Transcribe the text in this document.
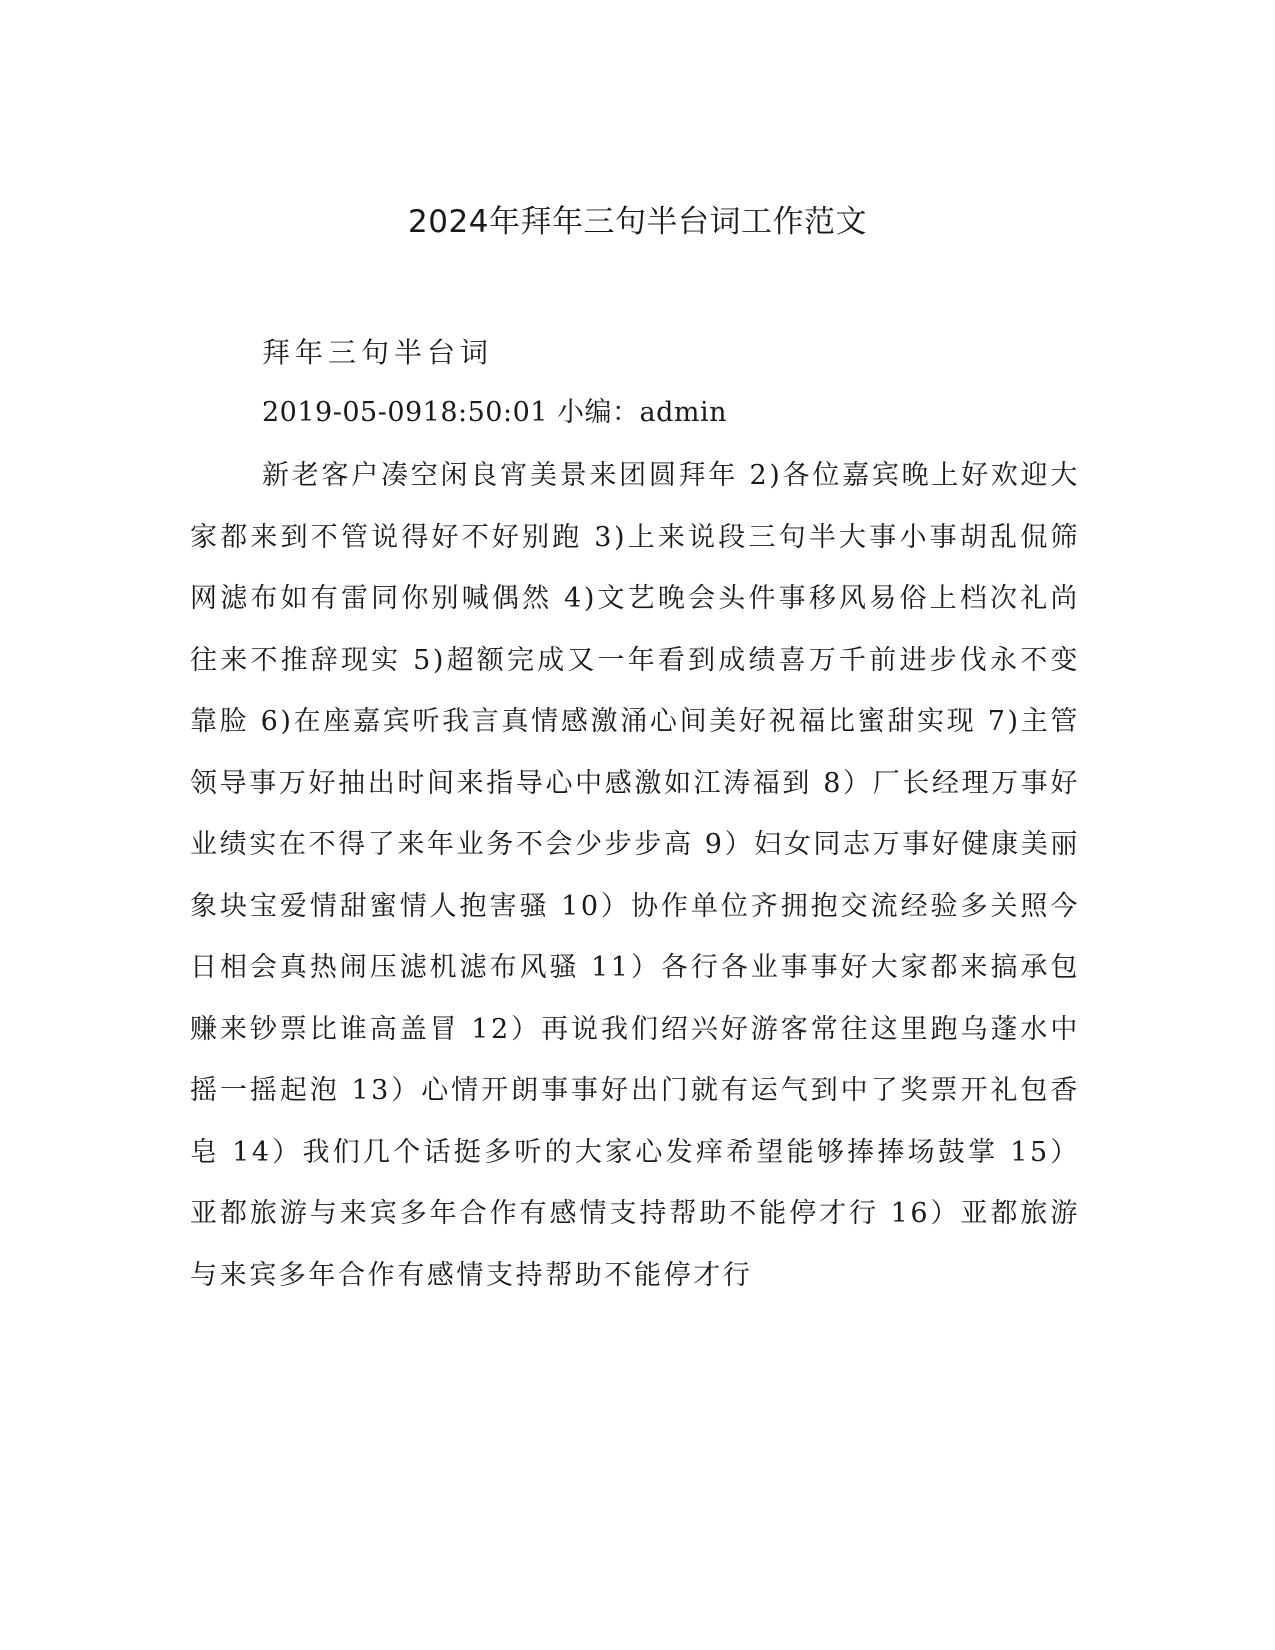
2024年拜年三句半台词工作范文

拜年三句半台词

2019-05-0918:50:01 小编：admin

新老客户凑空闲良宵美景来团圆拜年 2)各位嘉宾晚上好欢迎大家都来到不管说得好不好别跑 3)上来说段三句半大事小事胡乱侃筛网滤布如有雷同你别喊偶然 4)文艺晚会头件事移风易俗上档次礼尚往来不推辞现实 5)超额完成又一年看到成绩喜万千前进步伐永不变靠脸 6)在座嘉宾听我言真情感激涌心间美好祝福比蜜甜实现 7)主管领导事万好抽出时间来指导心中感激如江涛福到 8）厂长经理万事好业绩实在不得了来年业务不会少步步高 9）妇女同志万事好健康美丽象块宝爱情甜蜜情人抱害骚 10）协作单位齐拥抱交流经验多关照今日相会真热闹压滤机滤布风骚 11）各行各业事事好大家都来搞承包赚来钞票比谁高盖冒 12）再说我们绍兴好游客常往这里跑乌蓬水中摇一摇起泡 13）心情开朗事事好出门就有运气到中了奖票开礼包香皂 14）我们几个话挺多听的大家心发痒希望能够捧捧场鼓掌 15）亚都旅游与来宾多年合作有感情支持帮助不能停才行 16）亚都旅游与来宾多年合作有感情支持帮助不能停才行
